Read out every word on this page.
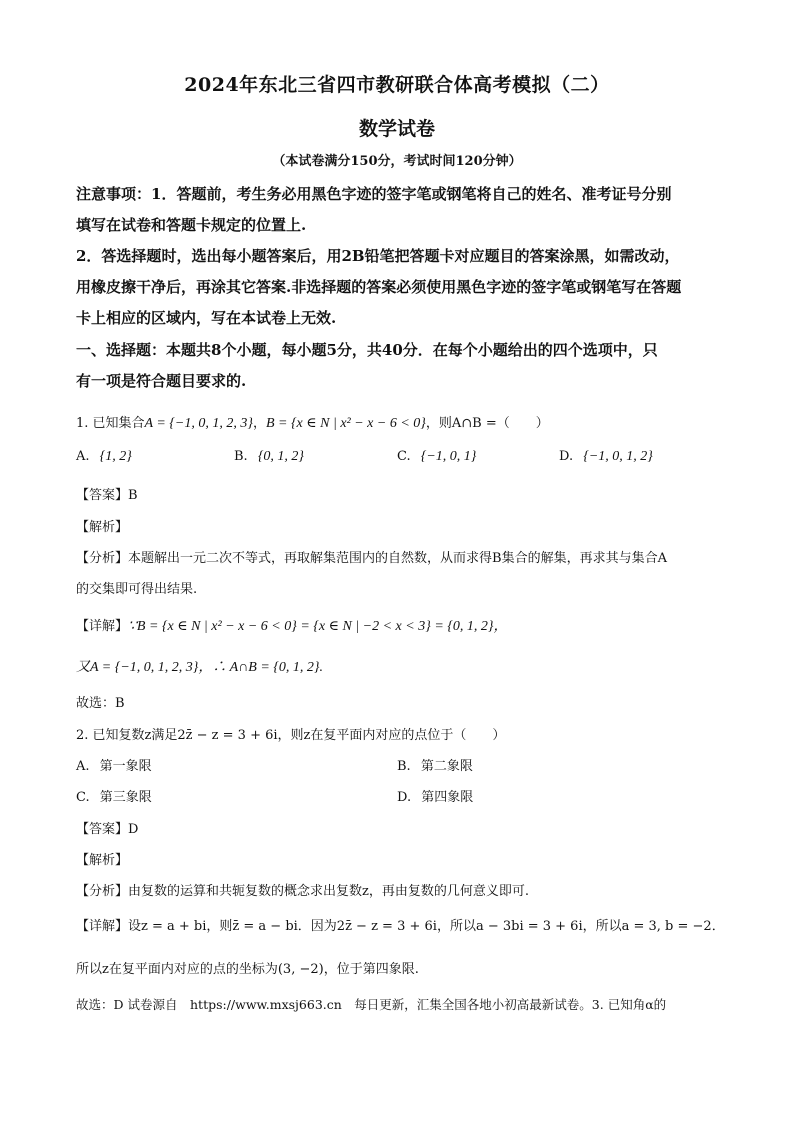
2024年东北三省四市教研联合体高考模拟（二）
数学试卷
（本试卷满分150分，考试时间120分钟）
注意事项：1．答题前，考生务必用黑色字迹的签字笔或钢笔将自己的姓名、准考证号分别
填写在试卷和答题卡规定的位置上.
2．答选择题时，选出每小题答案后，用2B铅笔把答题卡对应题目的答案涂黑，如需改动，
用橡皮擦干净后，再涂其它答案.非选择题的答案必须使用黑色字迹的签字笔或钢笔写在答题
卡上相应的区域内，写在本试卷上无效.
一、选择题：本题共8个小题，每小题5分，共40分．在每个小题给出的四个选项中，只
有一项是符合题目要求的.
1. 已知集合A = {−1, 0, 1, 2, 3}，B = {x ∈ N | x² − x − 6 < 0}，则A∩B =（　　）
A. {1, 2}	B. {0, 1, 2}	C. {−1, 0, 1}	D. {−1, 0, 1, 2}
【答案】B
【解析】
【分析】本题解出一元二次不等式，再取解集范围内的自然数，从而求得B集合的解集，再求其与集合A
的交集即可得出结果.
【详解】∵B = {x ∈ N | x² − x − 6 < 0} = {x ∈ N | −2 < x < 3} = {0, 1, 2}，
又A = {−1, 0, 1, 2, 3}，∴ A∩B = {0, 1, 2}.
故选：B
2. 已知复数z满足2z̄ − z = 3 + 6i，则z在复平面内对应的点位于（　　）
A. 第一象限	B. 第二象限
C. 第三象限	D. 第四象限
【答案】D
【解析】
【分析】由复数的运算和共轭复数的概念求出复数z，再由复数的几何意义即可.
【详解】设z = a + bi，则z̄ = a − bi．因为2z̄ − z = 3 + 6i，所以a − 3bi = 3 + 6i，所以a = 3, b = −2．
所以z在复平面内对应的点的坐标为(3, −2)，位于第四象限.
故选：D 试卷源自　https://www.mxsj663.cn　每日更新，汇集全国各地小初高最新试卷。3. 已知角α的
